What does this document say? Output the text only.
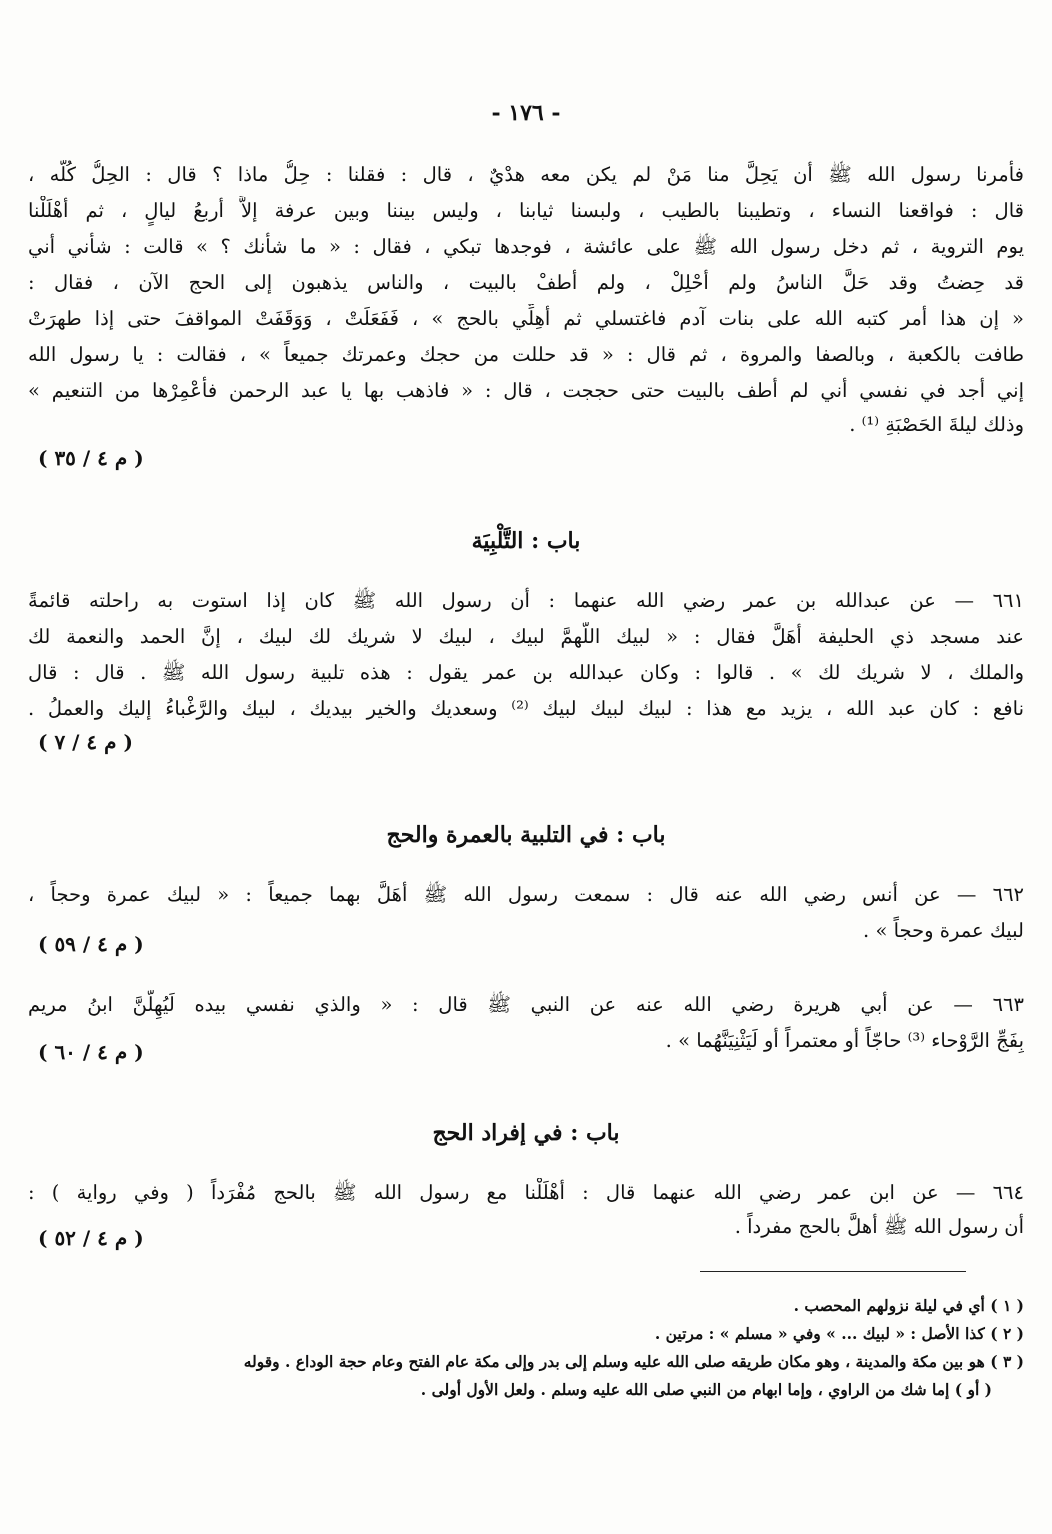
- ١٧٦ -
فأمرنا رسول الله ﷺ أن يَحِلَّ منا مَنْ لم يكن معه هدْيٌ ، قال : فقلنا : حِلُّ ماذا ؟ قال : الحِلُّ كُلُّه ،
قال : فواقعنا النساء ، وتطيبنا بالطيب ، ولبسنا ثيابنا ، وليس بيننا وبين عرفة إلاَّ أربعُ ليالٍ ، ثم أهْلَلْنا
يوم التروية ، ثم دخل رسول الله ﷺ على عائشة ، فوجدها تبكي ، فقال : « ما شأنك ؟ » قالت : شأني أني
قد حِضتُ وقد حَلَّ الناسُ ولم أحْلِلْ ، ولم أطفْ بالبيت ، والناس يذهبون إلى الحج الآن ، فقال :
« إن هذا أمر كتبه الله على بنات آدم فاغتسلي ثم أهِلِّي بالحج » ، فَفَعَلَتْ ، وَوَقَفَتْ المواقفَ حتى إذا طهرَتْ
طافت بالكعبة ، وبالصفا والمروة ، ثم قال : « قد حللت من حجك وعمرتك جميعاً » ، فقالت : يا رسول الله
إني أجد في نفسي أني لم أطف بالبيت حتى حججت ، قال : « فاذهب بها يا عبد الرحمن فأعْمِرْها من التنعيم »
وذلك ليلةَ الحَصْبَةِ ⁽¹⁾ .
( م ٤ / ٣٥ )
باب : التَّلْبِيَة
٦٦١ — عن عبدالله بن عمر رضي الله عنهما : أن رسول الله ﷺ كان إذا استوت به راحلته قائمةً
عند مسجد ذي الحليفة أهَلَّ فقال : « لبيك اللّهمَّ لبيك ، لبيك لا شريك لك لبيك ، إنَّ الحمد والنعمة لك
والملك ، لا شريك لك » . قالوا : وكان عبدالله بن عمر يقول : هذه تلبية رسول الله ﷺ . قال : قال
نافع : كان عبد الله ، يزيد مع هذا : لبيك لبيك لبيك ⁽²⁾ وسعديك والخير بيديك ، لبيك والرَّغْباءُ إليك والعملُ .
( م ٤ / ٧ )
باب : في التلبية بالعمرة والحج
٦٦٢ — عن أنس رضي الله عنه قال : سمعت رسول الله ﷺ أهَلَّ بهما جميعاً : « لبيك عمرة وحجاً ،
لبيك عمرة وحجاً » .
( م ٤ / ٥٩ )
٦٦٣ — عن أبي هريرة رضي الله عنه عن النبي ﷺ قال : « والذي نفسي بيده لَيُهِلَّنَّ ابنُ مريم
بِفَجِّ الرَّوْحاء ⁽³⁾ حاجّاً أو معتمراً أو لَيَثْنِيَنَّهُما » .
( م ٤ / ٦٠ )
باب : في إفراد الحج
٦٦٤ — عن ابن عمر رضي الله عنهما قال : أهْلَلْنا مع رسول الله ﷺ بالحج مُفْرَداً ( وفي رواية ) :
أن رسول الله ﷺ أهلَّ بالحج مفرداً .
( م ٤ / ٥٢ )
( ١ ) أي في ليلة نزولهم المحصب .
( ٢ ) كذا الأصل : « لبيك ... » وفي « مسلم » : مرتين .
( ٣ ) هو بين مكة والمدينة ، وهو مكان طريقه صلى الله عليه وسلم إلى بدر وإلى مكة عام الفتح وعام حجة الوداع . وقوله
( أو ) إما شك من الراوي ، وإما ابهام من النبي صلى الله عليه وسلم . ولعل الأول أولى .
